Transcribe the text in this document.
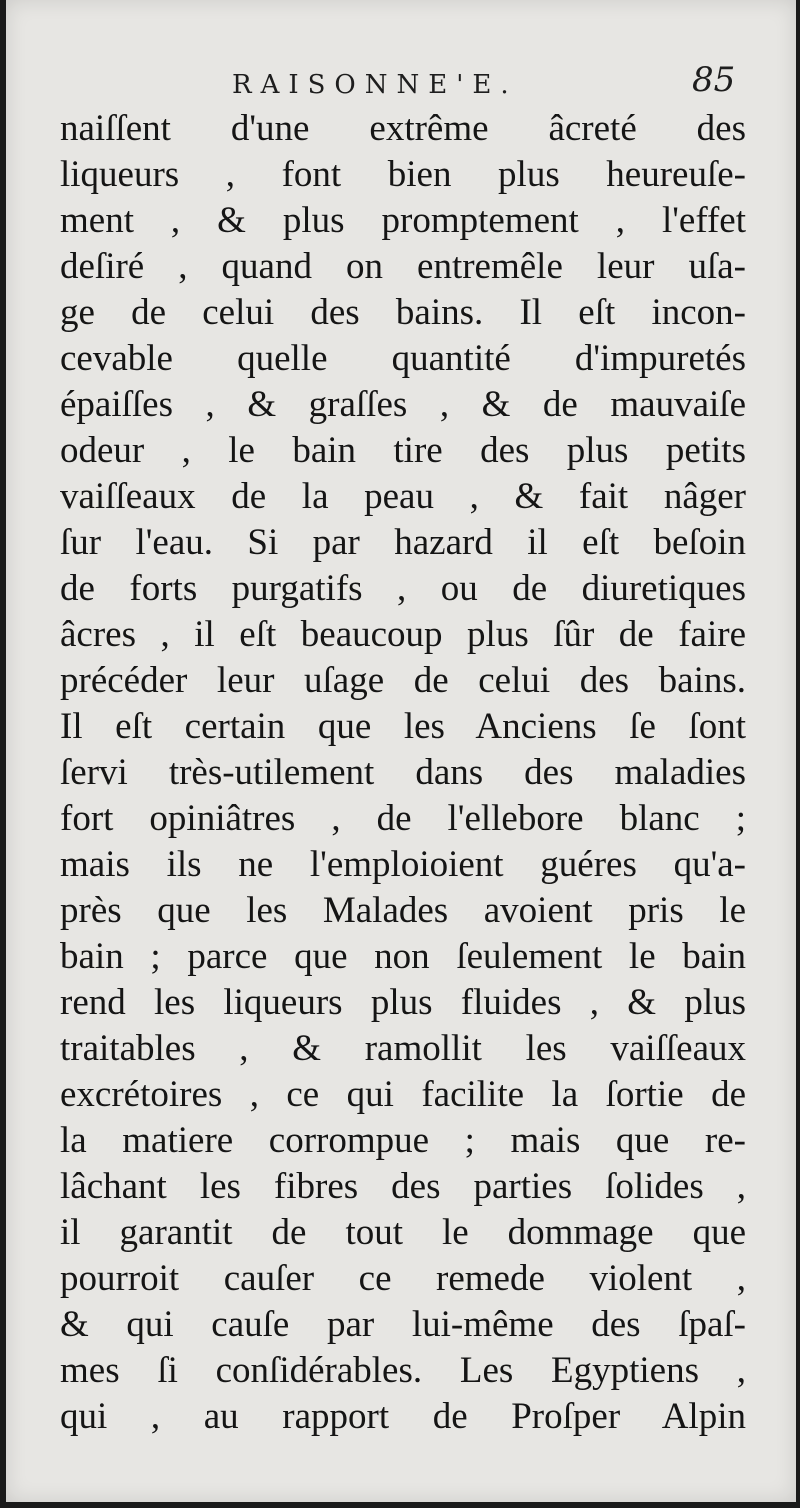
RAISONNE'E.	85
naiſſent d'une extrême âcreté des
liqueurs , font bien plus heureuſe-
ment , & plus promptement , l'effet
deſiré , quand on entremêle leur uſa-
ge de celui des bains. Il eſt incon-
cevable quelle quantité d'impuretés
épaiſſes , & graſſes , & de mauvaiſe
odeur , le bain tire des plus petits
vaiſſeaux de la peau , & fait nâger
ſur l'eau. Si par hazard il eſt beſoin
de forts purgatifs , ou de diuretiques
âcres , il eſt beaucoup plus ſûr de faire
précéder leur uſage de celui des bains.
Il eſt certain que les Anciens ſe ſont
ſervi très-utilement dans des maladies
fort opiniâtres , de l'ellebore blanc ;
mais ils ne l'emploioient guéres qu'a-
près que les Malades avoient pris le
bain ; parce que non ſeulement le bain
rend les liqueurs plus fluides , & plus
traitables , & ramollit les vaiſſeaux
excrétoires , ce qui facilite la ſortie de
la matiere corrompue ; mais que re-
lâchant les fibres des parties ſolides ,
il garantit de tout le dommage que
pourroit cauſer ce remede violent ,
& qui cauſe par lui-même des ſpaſ-
mes ſi conſidérables. Les Egyptiens ,
qui , au rapport de Proſper Alpin
